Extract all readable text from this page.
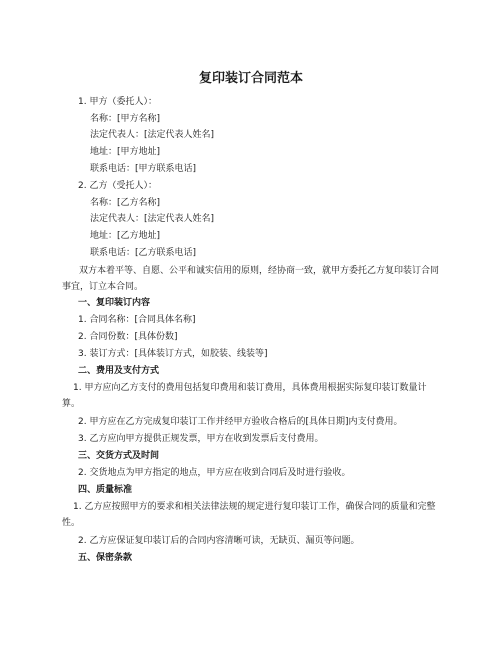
复印装订合同范本
1. 甲方（委托人）：
名称：[甲方名称]
法定代表人：[法定代表人姓名]
地址：[甲方地址]
联系电话：[甲方联系电话]
2. 乙方（受托人）：
名称：[乙方名称]
法定代表人：[法定代表人姓名]
地址：[乙方地址]
联系电话：[乙方联系电话]
双方本着平等、自愿、公平和诚实信用的原则，经协商一致，就甲方委托乙方复印装订合同事宜，订立本合同。
一、复印装订内容
1. 合同名称：[合同具体名称]
2. 合同份数：[具体份数]
3. 装订方式：[具体装订方式，如胶装、线装等]
二、费用及支付方式
1. 甲方应向乙方支付的费用包括复印费用和装订费用，具体费用根据实际复印装订数量计算。
2. 甲方应在乙方完成复印装订工作并经甲方验收合格后的[具体日期]内支付费用。
3. 乙方应向甲方提供正规发票，甲方在收到发票后支付费用。
三、交货方式及时间
2. 交货地点为甲方指定的地点，甲方应在收到合同后及时进行验收。
四、质量标准
1. 乙方应按照甲方的要求和相关法律法规的规定进行复印装订工作，确保合同的质量和完整性。
2. 乙方应保证复印装订后的合同内容清晰可读，无缺页、漏页等问题。
五、保密条款
